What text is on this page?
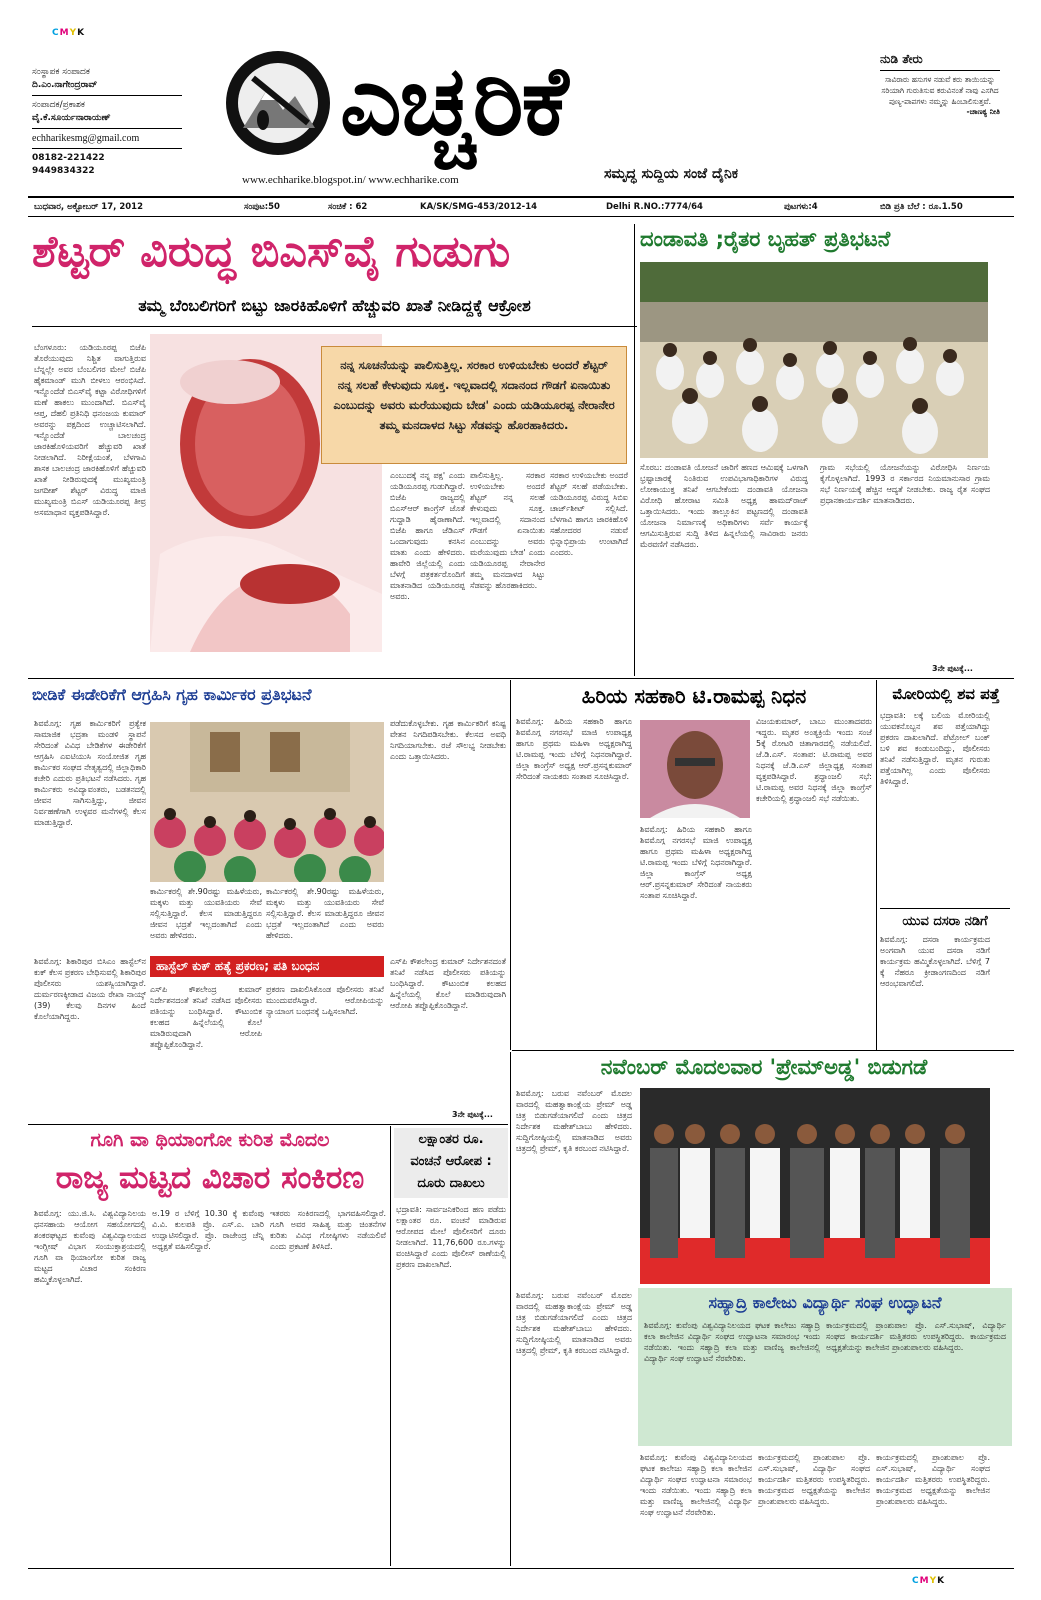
CMYK
ಸಂಸ್ಥಾಪಕ ಸಂಪಾದಕ
ದಿ.ಎಂ.ನಾಗೇಂದ್ರರಾವ್
ಸಂಪಾದಕ/ಪ್ರಕಾಶಕ
ವೈ.ಕೆ.ಸೂರ್ಯನಾರಾಯಣ್
echharikesmg@gmail.com
08182-221422
9449834322
ಎಚ್ಚರಿಕೆ
www.echharike.blogspot.in/ www.echharike.com	ಸಮೃದ್ಧ ಸುದ್ದಿಯ ಸಂಜೆ ದೈನಿಕ
ನುಡಿ ತೇರು
ಸಾವಿರಾರು ಹಸುಗಳ ನಡುವೆ ಕರು ತಾಯಿಯನ್ನು ಸರಿಯಾಗಿ ಗುರುತಿಸುವ ಕರುವಿನಂತೆ ನಾವು ಎಸಗಿದ ಪುಣ್ಯ-ಪಾಪಗಳು ನಮ್ಮನ್ನು ಹಿಂಬಾಲಿಸುತ್ತವೆ.
-ಚಾಣಕ್ಯ ನೀತಿ
ಬುಧವಾರ, ಅಕ್ಟೋಬರ್ 17, 2012	ಸಂಪುಟ:50	ಸಂಚಿಕೆ : 62	KA/SK/SMG-453/2012-14	Delhi R.NO.:7774/64	ಪುಟಗಳು:4	ಬಿಡಿ ಪ್ರತಿ ಬೆಲೆ : ರೂ.1.50
ಶೆಟ್ಟರ್ ವಿರುದ್ಧ ಬಿಎಸ್‌ವೈ ಗುಡುಗು
ತಮ್ಮ ಬೆಂಬಲಿಗರಿಗೆ ಬಿಟ್ಟು ಜಾರಕಿಹೊಳಿಗೆ ಹೆಚ್ಚುವರಿ ಖಾತೆ ನೀಡಿದ್ದಕ್ಕೆ ಆಕ್ರೋಶ
ಬೆಂಗಳೂರು: ಯಡಿಯೂರಪ್ಪ ಬಿಜೆಪಿ ತೊರೆಯುವುದು ನಿಶ್ಚಿತ ವಾಗುತ್ತಿರುವ ಬೆನ್ನಲ್ಲೇ ಅವರ ಬೆಂಬಲಿಗರ ಮೇಲೆ ಬಿಜೆಪಿ ಹೈಕಮಾಂಡ್ ಮುಗಿ ಬೀಳಲು ಆರಂಭಿಸಿದೆ. ಇನ್ನೊಂದೆಡೆ ಬಿಎಸ್‌ವೈ ಕಟ್ಟಾ ವಿರೋಧಿಗಳಿಗೆ ಮಣೆ ಹಾಕಲು ಮುಂದಾಗಿದೆ. ಬಿಎಸ್‌ವೈ ಆಪ್ತ, ದೆಹಲಿ ಪ್ರತಿನಿಧಿ ಧನಂಜಯ ಕುಮಾರ್ ಅವರನ್ನು ಪಕ್ಷದಿಂದ ಉಚ್ಚಾಟಿಸಲಾಗಿದೆ. ಇನ್ನೊಂದೆಡೆ ಬಾಲಚಂದ್ರ ಜಾರಕಿಹೊಳಿಯವರಿಗೆ ಹೆಚ್ಚುವರಿ ಖಾತೆ ನೀಡಲಾಗಿದೆ. ನಿರೀಕ್ಷೆಯಂತೆ, ಬೆಳಗಾವಿ ಶಾಸಕ ಬಾಲಚಂದ್ರ ಜಾರಕಿಹೊಳಿಗೆ ಹೆಚ್ಚುವರಿ ಖಾತೆ ನೀಡಿರುವುದಕ್ಕೆ ಮುಖ್ಯಮಂತ್ರಿ ಜಗದೀಶ್ ಶೆಟ್ಟರ್ ವಿರುದ್ಧ ಮಾಜಿ ಮುಖ್ಯಮಂತ್ರಿ ಬಿಎಸ್ ಯಡಿಯೂರಪ್ಪ ತೀವ್ರ ಅಸಮಾಧಾನ ವ್ಯಕ್ತಪಡಿಸಿದ್ದಾರೆ.
ನನ್ನ ಸೂಚನೆಯನ್ನು ಪಾಲಿಸುತ್ತಿಲ್ಲ. ಸರಕಾರ ಉಳಿಯಬೇಕು ಅಂದರೆ ಶೆಟ್ಟರ್ ನನ್ನ ಸಲಹೆ ಕೇಳುವುದು ಸೂಕ್ತ. ಇಲ್ಲವಾದಲ್ಲಿ ಸದಾನಂದ ಗೌಡಗೆ ಏನಾಯಿತು ಎಂಬುದನ್ನು ಅವರು ಮರೆಯುವುದು ಬೇಡ' ಎಂದು ಯಡಿಯೂರಪ್ಪ ನೇರಾನೇರ ತಮ್ಮ ಮನದಾಳದ ಸಿಟ್ಟು ಸೆಡವನ್ನು ಹೊರಹಾಕಿದರು.
ಎಂಬುದಕ್ಕೆ ನನ್ನ ಪಕ್ಷ' ಎಂದು ಯಡಿಯೂರಪ್ಪ ಗುಡುಗಿದ್ದಾರೆ. ಬಿಜೆಪಿ ರಾಜ್ಯದಲ್ಲಿ ಬಿಎಸ್‌ಆರ್ ಕಾಂಗ್ರೆಸ್ ಜೊತೆ ಗುದ್ದಾಡಿ ಹೈರಾಣಾಗಿದೆ. ಬಿಜೆಪಿ ಹಾಗೂ ಜೆಡಿಎಸ್ ಒಂದಾಗುವುದು ಕನಸಿನ ಮಾತು ಎಂದು ಹೇಳಿದರು. ಹಾವೇರಿ ಜಿಲ್ಲೆಯಲ್ಲಿ ಎಂದು ಬೆಳಗ್ಗೆ ಪತ್ರಕರ್ತರೊಂದಿಗೆ ಮಾತನಾಡಿದ ಯಡಿಯೂರಪ್ಪ ಅವರು.
ಪಾಲಿಸುತ್ತಿಲ್ಲ. ಸರಕಾರ ಉಳಿಯಬೇಕು ಅಂದರೆ ಶೆಟ್ಟರ್ ನನ್ನ ಸಲಹೆ ಕೇಳುವುದು ಸೂಕ್ತ. ಇಲ್ಲವಾದಲ್ಲಿ ಸದಾನಂದ ಗೌಡಗೆ ಏನಾಯಿತು ಎಂಬುದನ್ನು ಅವರು ಮರೆಯುವುದು ಬೇಡ' ಎಂದು ಯಡಿಯೂರಪ್ಪ ನೇರಾನೇರ ತಮ್ಮ ಮನದಾಳದ ಸಿಟ್ಟು ಸೆಡವನ್ನು ಹೊರಹಾಕಿದರು.
ಸರಕಾರ ಉಳಿಯಬೇಕು ಅಂದರೆ ಶೆಟ್ಟರ್ ಸಲಹೆ ಪಡೆಯಬೇಕು. ಯಡಿಯೂರಪ್ಪ ವಿರುದ್ಧ ಸಿಬಿಐ ಚಾರ್ಜ್‌ಶೀಟ್ ಸಲ್ಲಿಸಿದೆ. ಬೆಳಗಾವಿ ಹಾಗೂ ಜಾರಕಿಹೊಳಿ ಸಹೋದರರ ನಡುವೆ ಭಿನ್ನಾಭಿಪ್ರಾಯ ಉಂಟಾಗಿದೆ ಎಂದರು.
ದಂಡಾವತಿ ;ರೈತರ ಬೃಹತ್ ಪ್ರತಿಭಟನೆ
ಸೊರಬ: ದಂಡಾವತಿ ಯೋಜನೆ ಜಾರಿಗೆ ಹಣದ ಆಮಿಷಕ್ಕೆ ಒಳಗಾಗಿ ಭ್ರಷ್ಟಾಚಾರಕ್ಕೆ ನಿಂತಿರುವ ಉಪವಿಭಾಗಾಧಿಕಾರಿಗಳ ವಿರುದ್ಧ ಲೋಕಾಯುಕ್ತ ತನಿಖೆ ಆಗಬೇಕೆಂದು ದಂಡಾವತಿ ಯೋಜನಾ ವಿರೋಧಿ ಹೋರಾಟ ಸಮಿತಿ ಅಧ್ಯಕ್ಷ ಹಾಮದ್‌ರಾಜ್ ಒತ್ತಾಯಿಸಿದರು. ಇಂದು ತಾಲ್ಲೂಕಿನ ಪಟ್ಟಣದಲ್ಲಿ ದಂಡಾವತಿ ಯೋಜನಾ ನಿರ್ಮಾಣಕ್ಕೆ ಅಧಿಕಾರಿಗಳು ಸರ್ವೆ ಕಾರ್ಯಕ್ಕೆ ಆಗಮಿಸುತ್ತಿರುವ ಸುದ್ದಿ ತಿಳಿದ ಹಿನ್ನಲೆಯಲ್ಲಿ ಸಾವಿರಾರು ಜನರು ಮೆರವಣಿಗೆ ನಡೆಸಿದರು.
ಗ್ರಾಮ ಸಭೆಯಲ್ಲಿ ಯೋಜನೆಯನ್ನು ವಿರೋಧಿಸಿ ನಿರ್ಣಯ ಕೈಗೊಳ್ಳಲಾಗಿದೆ. 1993 ರ ಸರ್ಕಾರದ ನಿಯಮಾನುಸಾರ ಗ್ರಾಮ ಸಭೆ ನಿರ್ಣಯಕ್ಕೆ ಹೆಚ್ಚಿನ ಆದ್ಯತೆ ನೀಡಬೇಕು. ರಾಜ್ಯ ರೈತ ಸಂಘದ ಪ್ರಧಾನಕಾರ್ಯದರ್ಶಿ ಮಾತನಾಡಿದರು.
3ನೇ ಪುಟಕ್ಕೆ...
ಬೀಡಿಕೆ ಈಡೇರಿಕೆಗೆ ಆಗ್ರಹಿಸಿ ಗೃಹ ಕಾರ್ಮಿಕರ ಪ್ರತಿಭಟನೆ
ಶಿವಮೊಗ್ಗ: ಗೃಹ ಕಾರ್ಮಿಕರಿಗೆ ಪ್ರತ್ಯೇಕ ಸಾಮಾಜಿಕ ಭದ್ರತಾ ಮಂಡಳಿ ಸ್ಥಾಪನೆ ಸೇರಿದಂತೆ ವಿವಿಧ ಬೇಡಿಕೆಗಳ ಈಡೇರಿಕೆಗೆ ಆಗ್ರಹಿಸಿ ಎಐಟಿಯುಸಿ ಸಂಯೋಜಿತ ಗೃಹ ಕಾರ್ಮಿಕರ ಸಂಘದ ನೇತೃತ್ವದಲ್ಲಿ ಜಿಲ್ಲಾಧಿಕಾರಿ ಕಚೇರಿ ಎದುರು ಪ್ರತಿಭಟನೆ ನಡೆಸಿದರು. ಗೃಹ ಕಾರ್ಮಿಕರು ಅವಿದ್ಯಾವಂತರು, ಬಡತನದಲ್ಲಿ ಜೀವನ ಸಾಗಿಸುತ್ತಿದ್ದು, ಜೀವನ ನಿರ್ವಹಣೆಗಾಗಿ ಉಳ್ಳವರ ಮನೆಗಳಲ್ಲಿ ಕೆಲಸ ಮಾಡುತ್ತಿದ್ದಾರೆ.
ಕಾರ್ಮಿಕರಲ್ಲಿ ಶೇ.90ರಷ್ಟು ಮಹಿಳೆಯರು, ಮಕ್ಕಳು ಮತ್ತು ಯುವತಿಯರು ಸೇವೆ ಸಲ್ಲಿಸುತ್ತಿದ್ದಾರೆ. ಕೆಲಸ ಮಾಡುತ್ತಿದ್ದರೂ ಜೀವನ ಭದ್ರತೆ ಇಲ್ಲದಂತಾಗಿದೆ ಎಂದು ಅವರು ಹೇಳಿದರು.
ಕಾರ್ಮಿಕರಲ್ಲಿ ಶೇ.90ರಷ್ಟು ಮಹಿಳೆಯರು, ಮಕ್ಕಳು ಮತ್ತು ಯುವತಿಯರು ಸೇವೆ ಸಲ್ಲಿಸುತ್ತಿದ್ದಾರೆ. ಕೆಲಸ ಮಾಡುತ್ತಿದ್ದರೂ ಜೀವನ ಭದ್ರತೆ ಇಲ್ಲದಂತಾಗಿದೆ ಎಂದು ಅವರು ಹೇಳಿದರು.
ಪಡೆದುಕೊಳ್ಳಬೇಕು. ಗೃಹ ಕಾರ್ಮಿಕರಿಗೆ ಕನಿಷ್ಟ ವೇತನ ನಿಗದಿಪಡಿಸಬೇಕು. ಕೆಲಸದ ಅವಧಿ ನಿಗದಿಯಾಗಬೇಕು. ರಜೆ ಸೌಲಭ್ಯ ನೀಡಬೇಕು ಎಂದು ಒತ್ತಾಯಿಸಿದರು.
ಶಿವಮೊಗ್ಗ: ಶಿಕಾರಿಪುರ ಬಿಸಿಎಂ ಹಾಸ್ಟೆಲ್‌ನ ಕುಕ್ ಕೆಲಸ ಪ್ರಕರಣ ಬೇಧಿಸುವಲ್ಲಿ ಶಿಕಾರಿಪುರ ಪೊಲೀಸರು ಯಶಸ್ವಿಯಾಗಿದ್ದಾರೆ. ದುರ್ಮರಣಕ್ಕೀಡಾದ ವಿಜಯ ರೇಖಾ ನಾಯ್ಕ್ (39) ಕೆಲವು ದಿನಗಳ ಹಿಂದೆ ಕೊಲೆಯಾಗಿದ್ದರು.
ಹಾಸ್ಟೆಲ್ ಕುಕ್ ಹತ್ಯೆ ಪ್ರಕರಣ; ಪತಿ ಬಂಧನ
ಎಸ್‌ಪಿ ಕೌಶಲೇಂದ್ರ ಕುಮಾರ್ ನಿರ್ದೇಶನದಂತೆ ತನಿಖೆ ನಡೆಸಿದ ಪೊಲೀಸರು ಪತಿಯನ್ನು ಬಂಧಿಸಿದ್ದಾರೆ. ಕೌಟುಂಬಿಕ ಕಲಹದ ಹಿನ್ನೆಲೆಯಲ್ಲಿ ಕೊಲೆ ಮಾಡಿರುವುದಾಗಿ ಆರೋಪಿ ತಪ್ಪೊಪ್ಪಿಕೊಂಡಿದ್ದಾನೆ.
ಪ್ರಕರಣ ದಾಖಲಿಸಿಕೊಂಡ ಪೊಲೀಸರು ತನಿಖೆ ಮುಂದುವರೆಸಿದ್ದಾರೆ. ಆರೋಪಿಯನ್ನು ನ್ಯಾಯಾಂಗ ಬಂಧನಕ್ಕೆ ಒಪ್ಪಿಸಲಾಗಿದೆ.
ಎಸ್‌ಪಿ ಕೌಶಲೇಂದ್ರ ಕುಮಾರ್ ನಿರ್ದೇಶನದಂತೆ ತನಿಖೆ ನಡೆಸಿದ ಪೊಲೀಸರು ಪತಿಯನ್ನು ಬಂಧಿಸಿದ್ದಾರೆ. ಕೌಟುಂಬಿಕ ಕಲಹದ ಹಿನ್ನೆಲೆಯಲ್ಲಿ ಕೊಲೆ ಮಾಡಿರುವುದಾಗಿ ಆರೋಪಿ ತಪ್ಪೊಪ್ಪಿಕೊಂಡಿದ್ದಾನೆ.
3ನೇ ಪುಟಕ್ಕೆ...
ಹಿರಿಯ ಸಹಕಾರಿ ಟಿ.ರಾಮಪ್ಪ ನಿಧನ
ಶಿವಮೊಗ್ಗ: ಹಿರಿಯ ಸಹಕಾರಿ ಹಾಗೂ ಶಿವಮೊಗ್ಗ ನಗರಸಭೆ ಮಾಜಿ ಉಪಾಧ್ಯಕ್ಷ ಹಾಗೂ ಪ್ರಥಮ ಮಹಿಳಾ ಅಧ್ಯಕ್ಷರಾಗಿದ್ದ ಟಿ.ರಾಮಪ್ಪ ಇಂದು ಬೆಳಿಗ್ಗೆ ನಿಧನರಾಗಿದ್ದಾರೆ. ಜಿಲ್ಲಾ ಕಾಂಗ್ರೆಸ್ ಅಧ್ಯಕ್ಷ ಆರ್.ಪ್ರಸನ್ನಕುಮಾರ್ ಸೇರಿದಂತೆ ನಾಯಕರು ಸಂತಾಪ ಸೂಚಿಸಿದ್ದಾರೆ.
ಶಿವಮೊಗ್ಗ: ಹಿರಿಯ ಸಹಕಾರಿ ಹಾಗೂ ಶಿವಮೊಗ್ಗ ನಗರಸಭೆ ಮಾಜಿ ಉಪಾಧ್ಯಕ್ಷ ಹಾಗೂ ಪ್ರಥಮ ಮಹಿಳಾ ಅಧ್ಯಕ್ಷರಾಗಿದ್ದ ಟಿ.ರಾಮಪ್ಪ ಇಂದು ಬೆಳಿಗ್ಗೆ ನಿಧನರಾಗಿದ್ದಾರೆ. ಜಿಲ್ಲಾ ಕಾಂಗ್ರೆಸ್ ಅಧ್ಯಕ್ಷ ಆರ್.ಪ್ರಸನ್ನಕುಮಾರ್ ಸೇರಿದಂತೆ ನಾಯಕರು ಸಂತಾಪ ಸೂಚಿಸಿದ್ದಾರೆ.
ವಿಜಯಕುಮಾರ್, ಬಾಬು ಮುಂತಾದವರು ಇದ್ದರು. ಮೃತರ ಅಂತ್ಯಕ್ರಿಯೆ ಇಂದು ಸಂಜೆ 5ಕ್ಕೆ ರೋಟರಿ ಚಿತಾಗಾರದಲ್ಲಿ ನಡೆಯಲಿದೆ. ಜೆ.ಡಿ.ಎಸ್. ಸಂತಾಪ: ಟಿ.ರಾಮಪ್ಪ ಅವರ ನಿಧನಕ್ಕೆ ಜೆ.ಡಿ.ಎಸ್ ಜಿಲ್ಲಾಧ್ಯಕ್ಷ ಸಂತಾಪ ವ್ಯಕ್ತಪಡಿಸಿದ್ದಾರೆ. ಶ್ರದ್ಧಾಂಜಲಿ ಸಭೆ: ಟಿ.ರಾಮಪ್ಪ ಅವರ ನಿಧನಕ್ಕೆ ಜಿಲ್ಲಾ ಕಾಂಗ್ರೆಸ್ ಕಚೇರಿಯಲ್ಲಿ ಶ್ರದ್ಧಾಂಜಲಿ ಸಭೆ ನಡೆಯಿತು.
ಮೋರಿಯಲ್ಲಿ ಶವ ಪತ್ತೆ
ಭದ್ರಾವತಿ: ಲಕ್ಕೆ ಬಲಿಯ ಮೋರಿಯಲ್ಲಿ ಯುವಕನೊಬ್ಬನ ಶವ ಪತ್ತೆಯಾಗಿದ್ದು ಪ್ರಕರಣ ದಾಖಲಾಗಿದೆ. ಪೆಟ್ರೋಲ್ ಬಂಕ್ ಬಳಿ ಶವ ಕಂಡುಬಂದಿದ್ದು, ಪೊಲೀಸರು ತನಿಖೆ ನಡೆಸುತ್ತಿದ್ದಾರೆ. ಮೃತನ ಗುರುತು ಪತ್ತೆಯಾಗಿಲ್ಲ ಎಂದು ಪೊಲೀಸರು ತಿಳಿಸಿದ್ದಾರೆ.
ಯುವ ದಸರಾ ನಡಿಗೆ
ಶಿವಮೊಗ್ಗ: ದಸರಾ ಕಾರ್ಯಕ್ರಮದ ಅಂಗವಾಗಿ ಯುವ ದಸರಾ ನಡಿಗೆ ಕಾರ್ಯಕ್ರಮ ಹಮ್ಮಿಕೊಳ್ಳಲಾಗಿದೆ. ಬೆಳಿಗ್ಗೆ 7 ಕ್ಕೆ ನೆಹರೂ ಕ್ರೀಡಾಂಗಣದಿಂದ ನಡಿಗೆ ಆರಂಭವಾಗಲಿದೆ.
ನವೆಂಬರ್ ಮೊದಲವಾರ 'ಪ್ರೇಮ್‌ಅಡ್ಡ' ಬಿಡುಗಡೆ
ಶಿವಮೊಗ್ಗ: ಬರುವ ನವೆಂಬರ್ ಮೊದಲ ವಾರದಲ್ಲಿ ಮಹತ್ವಾಕಾಂಕ್ಷೆಯ ಪ್ರೇಮ್ ಅಡ್ಡ ಚಿತ್ರ ಬಿಡುಗಡೆಯಾಗಲಿದೆ ಎಂದು ಚಿತ್ರದ ನಿರ್ದೇಶಕ ಮಹೇಶ್‌ಬಾಬು ಹೇಳಿದರು. ಸುದ್ದಿಗೋಷ್ಠಿಯಲ್ಲಿ ಮಾತನಾಡಿದ ಅವರು ಚಿತ್ರದಲ್ಲಿ ಪ್ರೇಮ್, ಕೃತಿ ಕರಬಂದ ನಟಿಸಿದ್ದಾರೆ.
ಗೂಗಿ ವಾ ಥಿಯಾಂಗೋ ಕುರಿತ ಮೊದಲ
ರಾಜ್ಯ ಮಟ್ಟದ ವಿಚಾರ ಸಂಕಿರಣ
ಶಿವಮೊಗ್ಗ: ಯು.ಜಿ.ಸಿ. ವಿಶ್ವವಿದ್ಯಾನಿಲಯ ಧನಸಹಾಯ ಆಯೋಗ ಸಹಯೋಗದಲ್ಲಿ ಶಂಕರಘಟ್ಟದ ಕುವೆಂಪು ವಿಶ್ವವಿದ್ಯಾಲಯದ ಇಂಗ್ಲೀಷ್ ವಿಭಾಗ ಸಂಯುಕ್ತಾಶ್ರಯದಲ್ಲಿ ಗೂಗಿ ವಾ ಥಿಯಾಂಗೋ ಕುರಿತ ರಾಜ್ಯ ಮಟ್ಟದ ವಿಚಾರ ಸಂಕಿರಣ ಹಮ್ಮಿಕೊಳ್ಳಲಾಗಿದೆ.
ಅ.19 ರ ಬೆಳಿಗ್ಗೆ 10.30 ಕ್ಕೆ ಕುವೆಂಪು ವಿ.ವಿ. ಕುಲಪತಿ ಪ್ರೊ. ಎಸ್.ಎ. ಬಾರಿ ಉದ್ಘಾಟಿಸಲಿದ್ದಾರೆ. ಪ್ರೊ. ರಾಜೇಂದ್ರ ಚೆನ್ನಿ ಅಧ್ಯಕ್ಷತೆ ವಹಿಸಲಿದ್ದಾರೆ.
ಇತರರು ಸಂಕಿರಣದಲ್ಲಿ ಭಾಗವಹಿಸಲಿದ್ದಾರೆ. ಗೂಗಿ ಅವರ ಸಾಹಿತ್ಯ ಮತ್ತು ಚಿಂತನೆಗಳ ಕುರಿತು ವಿವಿಧ ಗೋಷ್ಠಿಗಳು ನಡೆಯಲಿವೆ ಎಂದು ಪ್ರಕಟಣೆ ತಿಳಿಸಿದೆ.
ಲಕ್ಷಾಂತರ ರೂ.
ವಂಚನೆ ಆರೋಪ :
ದೂರು ದಾಖಲು
ಭದ್ರಾವತಿ: ಸಾರ್ವಜನಿಕರಿಂದ ಹಣ ಪಡೆದು ಲಕ್ಷಾಂತರ ರೂ. ವಂಚನೆ ಮಾಡಿರುವ ಆರೋಪದ ಮೇಲೆ ಪೊಲೀಸರಿಗೆ ದೂರು ನೀಡಲಾಗಿದೆ. 11,76,600 ರೂ.ಗಳನ್ನು ವಂಚಿಸಿದ್ದಾರೆ ಎಂದು ಪೊಲೀಸ್ ಠಾಣೆಯಲ್ಲಿ ಪ್ರಕರಣ ದಾಖಲಾಗಿದೆ.
ಶಿವಮೊಗ್ಗ: ಬರುವ ನವೆಂಬರ್ ಮೊದಲ ವಾರದಲ್ಲಿ ಮಹತ್ವಾಕಾಂಕ್ಷೆಯ ಪ್ರೇಮ್ ಅಡ್ಡ ಚಿತ್ರ ಬಿಡುಗಡೆಯಾಗಲಿದೆ ಎಂದು ಚಿತ್ರದ ನಿರ್ದೇಶಕ ಮಹೇಶ್‌ಬಾಬು ಹೇಳಿದರು. ಸುದ್ದಿಗೋಷ್ಠಿಯಲ್ಲಿ ಮಾತನಾಡಿದ ಅವರು ಚಿತ್ರದಲ್ಲಿ ಪ್ರೇಮ್, ಕೃತಿ ಕರಬಂದ ನಟಿಸಿದ್ದಾರೆ.
ಸಹ್ಯಾದ್ರಿ ಕಾಲೇಜು ವಿದ್ಯಾರ್ಥಿ ಸಂಘ ಉದ್ಘಾಟನೆ
ಶಿವಮೊಗ್ಗ: ಕುವೆಂಪು ವಿಶ್ವವಿದ್ಯಾನಿಲಯದ ಘಟಕ ಕಾಲೇಜು ಸಹ್ಯಾದ್ರಿ ಕಲಾ ಕಾಲೇಜಿನ ವಿದ್ಯಾರ್ಥಿ ಸಂಘದ ಉದ್ಘಾಟನಾ ಸಮಾರಂಭ ಇಂದು ನಡೆಯಿತು. ಇಂದು ಸಹ್ಯಾದ್ರಿ ಕಲಾ ಮತ್ತು ವಾಣಿಜ್ಯ ಕಾಲೇಜಿನಲ್ಲಿ ವಿದ್ಯಾರ್ಥಿ ಸಂಘ ಉದ್ಘಾಟನೆ ನೆರವೇರಿತು.
ಕಾರ್ಯಕ್ರಮದಲ್ಲಿ ಪ್ರಾಂಶುಪಾಲ ಪ್ರೊ. ಎಸ್.ಸುಭಾಷ್, ವಿದ್ಯಾರ್ಥಿ ಸಂಘದ ಕಾರ್ಯದರ್ಶಿ ಮತ್ತಿತರರು ಉಪಸ್ಥಿತರಿದ್ದರು. ಕಾರ್ಯಕ್ರಮದ ಅಧ್ಯಕ್ಷತೆಯನ್ನು ಕಾಲೇಜಿನ ಪ್ರಾಂಶುಪಾಲರು ವಹಿಸಿದ್ದರು.
ಶಿವಮೊಗ್ಗ: ಕುವೆಂಪು ವಿಶ್ವವಿದ್ಯಾನಿಲಯದ ಘಟಕ ಕಾಲೇಜು ಸಹ್ಯಾದ್ರಿ ಕಲಾ ಕಾಲೇಜಿನ ವಿದ್ಯಾರ್ಥಿ ಸಂಘದ ಉದ್ಘಾಟನಾ ಸಮಾರಂಭ ಇಂದು ನಡೆಯಿತು. ಇಂದು ಸಹ್ಯಾದ್ರಿ ಕಲಾ ಮತ್ತು ವಾಣಿಜ್ಯ ಕಾಲೇಜಿನಲ್ಲಿ ವಿದ್ಯಾರ್ಥಿ ಸಂಘ ಉದ್ಘಾಟನೆ ನೆರವೇರಿತು.
ಕಾರ್ಯಕ್ರಮದಲ್ಲಿ ಪ್ರಾಂಶುಪಾಲ ಪ್ರೊ. ಎಸ್.ಸುಭಾಷ್, ವಿದ್ಯಾರ್ಥಿ ಸಂಘದ ಕಾರ್ಯದರ್ಶಿ ಮತ್ತಿತರರು ಉಪಸ್ಥಿತರಿದ್ದರು. ಕಾರ್ಯಕ್ರಮದ ಅಧ್ಯಕ್ಷತೆಯನ್ನು ಕಾಲೇಜಿನ ಪ್ರಾಂಶುಪಾಲರು ವಹಿಸಿದ್ದರು.
ಕಾರ್ಯಕ್ರಮದಲ್ಲಿ ಪ್ರಾಂಶುಪಾಲ ಪ್ರೊ. ಎಸ್.ಸುಭಾಷ್, ವಿದ್ಯಾರ್ಥಿ ಸಂಘದ ಕಾರ್ಯದರ್ಶಿ ಮತ್ತಿತರರು ಉಪಸ್ಥಿತರಿದ್ದರು. ಕಾರ್ಯಕ್ರಮದ ಅಧ್ಯಕ್ಷತೆಯನ್ನು ಕಾಲೇಜಿನ ಪ್ರಾಂಶುಪಾಲರು ವಹಿಸಿದ್ದರು.
CMYK
